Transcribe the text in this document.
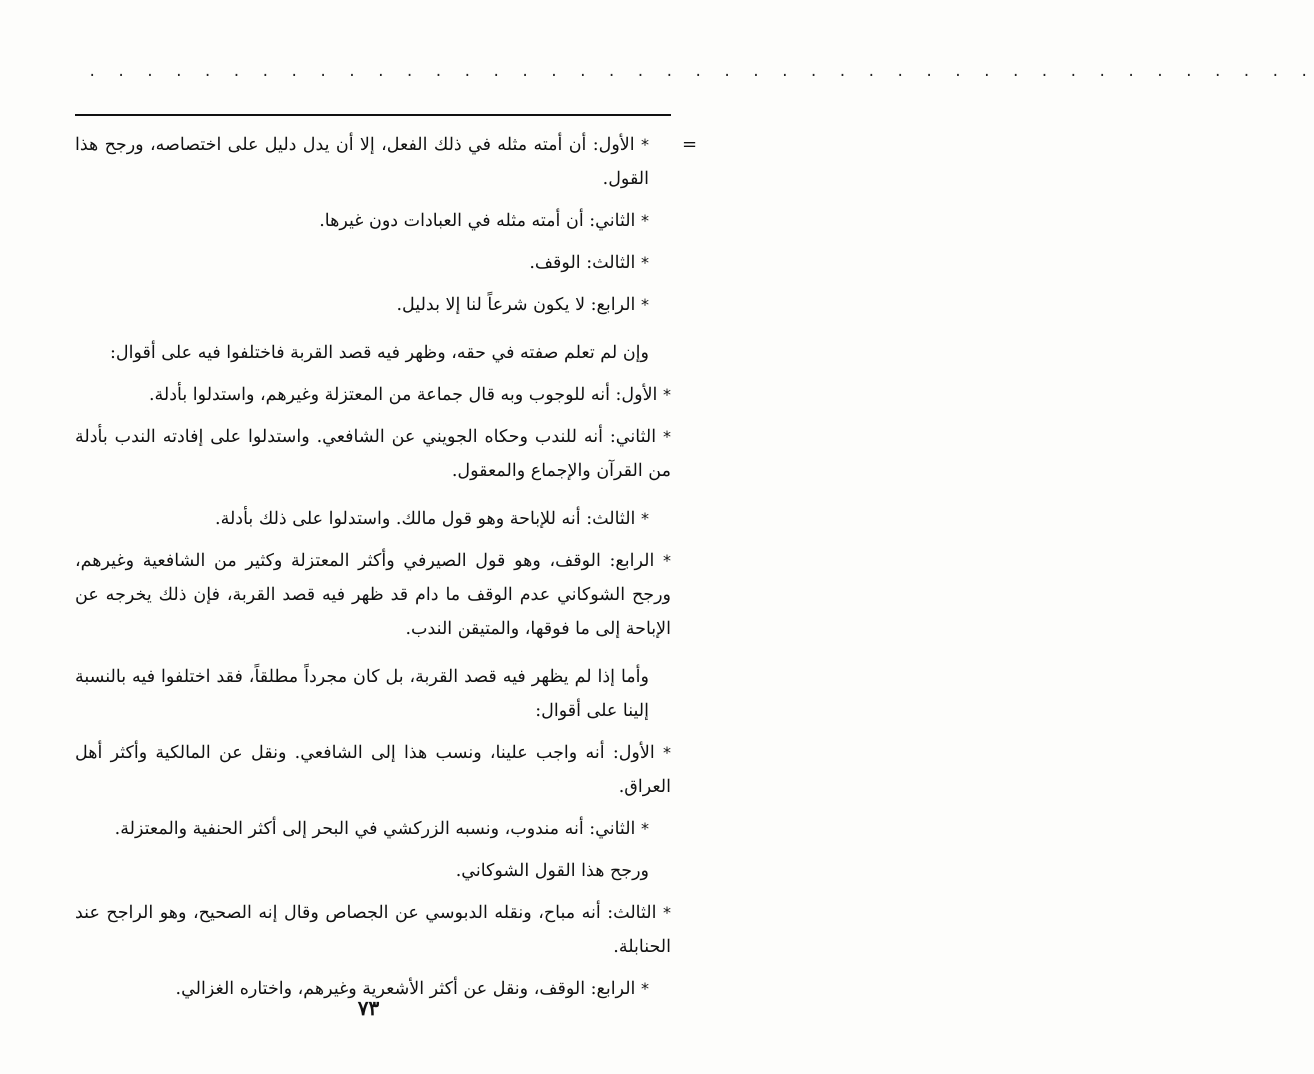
. . . . . . . . . . . . . . . . . . . . . . . . . . . . . . . . . . . . . . . . . . .
=

* الأول: أن أمته مثله في ذلك الفعل، إلا أن يدل دليل على اختصاصه، ورجح هذا القول.

* الثاني: أن أمته مثله في العبادات دون غيرها.

* الثالث: الوقف.

* الرابع: لا يكون شرعاً لنا إلا بدليل.

وإن لم تعلم صفته في حقه، وظهر فيه قصد القربة فاختلفوا فيه على أقوال:

* الأول: أنه للوجوب وبه قال جماعة من المعتزلة وغيرهم، واستدلوا بأدلة.

* الثاني: أنه للندب وحكاه الجويني عن الشافعي. واستدلوا على إفادته الندب بأدلة من القرآن والإجماع والمعقول.

* الثالث: أنه للإباحة وهو قول مالك. واستدلوا على ذلك بأدلة.

* الرابع: الوقف، وهو قول الصيرفي وأكثر المعتزلة وكثير من الشافعية وغيرهم، ورجح الشوكاني عدم الوقف ما دام قد ظهر فيه قصد القربة، فإن ذلك يخرجه عن الإباحة إلى ما فوقها، والمتيقن الندب.

وأما إذا لم يظهر فيه قصد القربة، بل كان مجرداً مطلقاً، فقد اختلفوا فيه بالنسبة إلينا على أقوال:

* الأول: أنه واجب علينا، ونسب هذا إلى الشافعي. ونقل عن المالكية وأكثر أهل العراق.

* الثاني: أنه مندوب، ونسبه الزركشي في البحر إلى أكثر الحنفية والمعتزلة.

ورجح هذا القول الشوكاني.

* الثالث: أنه مباح، ونقله الدبوسي عن الجصاص وقال إنه الصحيح، وهو الراجح عند الحنابلة.

* الرابع: الوقف، ونقل عن أكثر الأشعرية وغيرهم، واختاره الغزالي.

٧٣
